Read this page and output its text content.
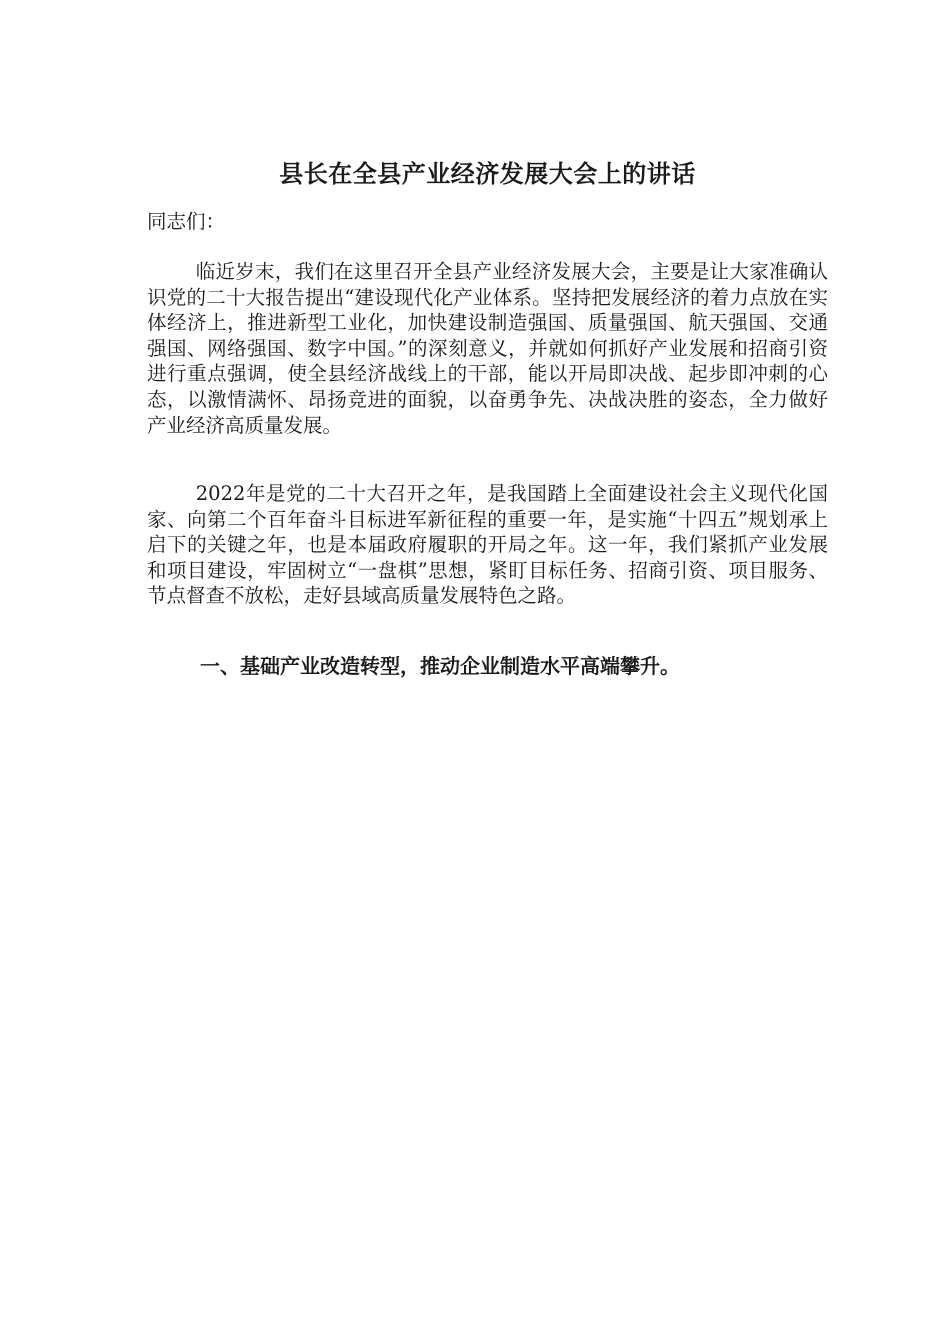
县长在全县产业经济发展大会上的讲话

同志们：

临近岁末，我们在这里召开全县产业经济发展大会，主要是让大家准确认识党的二十大报告提出“建设现代化产业体系。坚持把发展经济的着力点放在实体经济上，推进新型工业化，加快建设制造强国、质量强国、航天强国、交通强国、网络强国、数字中国。”的深刻意义，并就如何抓好产业发展和招商引资进行重点强调，使全县经济战线上的干部，能以开局即决战、起步即冲刺的心态，以激情满怀、昂扬竞进的面貌，以奋勇争先、决战决胜的姿态，全力做好产业经济高质量发展。

2022年是党的二十大召开之年，是我国踏上全面建设社会主义现代化国家、向第二个百年奋斗目标进军新征程的重要一年，是实施“十四五”规划承上启下的关键之年，也是本届政府履职的开局之年。这一年，我们紧抓产业发展和项目建设，牢固树立“一盘棋”思想，紧盯目标任务、招商引资、项目服务、节点督查不放松，走好县域高质量发展特色之路。

一、基础产业改造转型，推动企业制造水平高端攀升。
